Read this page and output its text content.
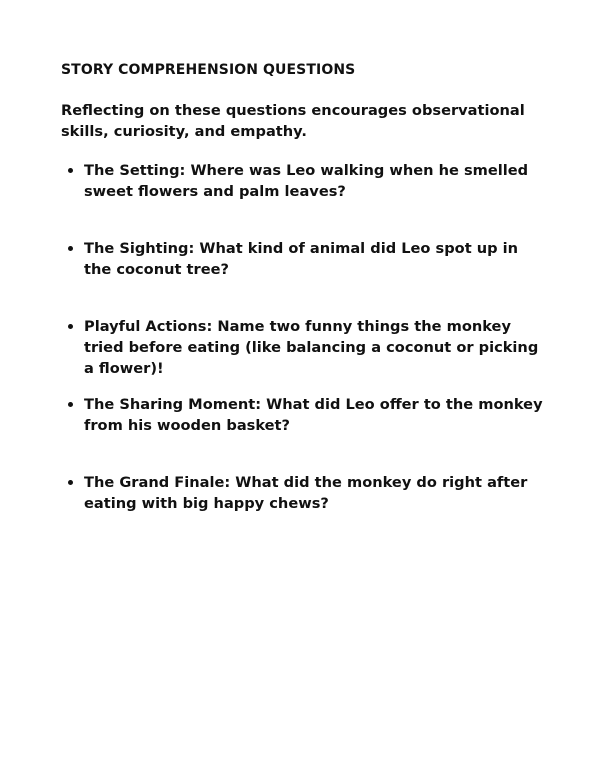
STORY COMPREHENSION QUESTIONS
Reflecting on these questions encourages observational skills, curiosity, and empathy.
The Setting: Where was Leo walking when he smelled sweet flowers and palm leaves?
The Sighting: What kind of animal did Leo spot up in the coconut tree?
Playful Actions: Name two funny things the monkey tried before eating (like balancing a coconut or picking a flower)!
The Sharing Moment: What did Leo offer to the monkey from his wooden basket?
The Grand Finale: What did the monkey do right after eating with big happy chews?
